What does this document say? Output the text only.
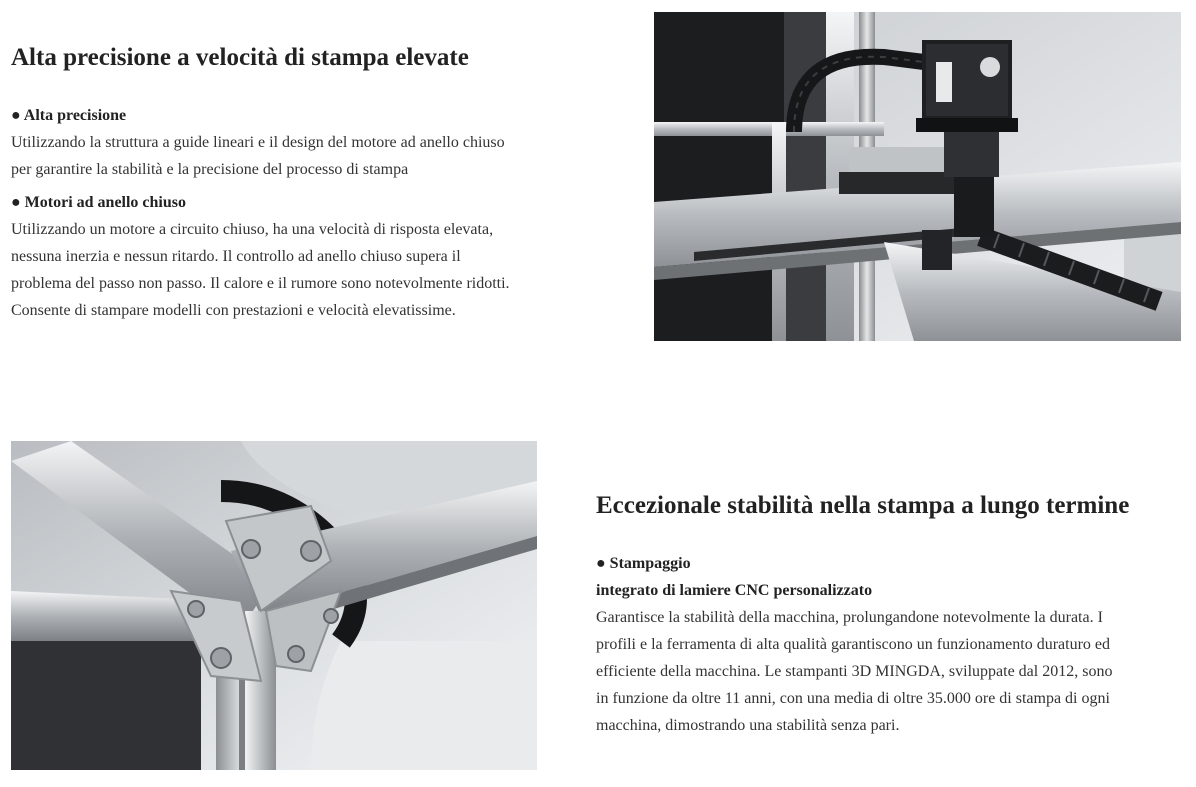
Alta precisione a velocità di stampa elevate
● Alta precisione
Utilizzando la struttura a guide lineari e il design del motore ad anello chiuso
per garantire la stabilità e la precisione del processo di stampa
● Motori ad anello chiuso
Utilizzando un motore a circuito chiuso, ha una velocità di risposta elevata,
nessuna inerzia e nessun ritardo. Il controllo ad anello chiuso supera il
problema del passo non passo. Il calore e il rumore sono notevolmente ridotti.
Consente di stampare modelli con prestazioni e velocità elevatissime.
Eccezionale stabilità nella stampa a lungo termine
● Stampaggio
integrato di lamiere CNC personalizzato
Garantisce la stabilità della macchina, prolungandone notevolmente la durata. I
profili e la ferramenta di alta qualità garantiscono un funzionamento duraturo ed
efficiente della macchina. Le stampanti 3D MINGDA, sviluppate dal 2012, sono
in funzione da oltre 11 anni, con una media di oltre 35.000 ore di stampa di ogni
macchina, dimostrando una stabilità senza pari.
